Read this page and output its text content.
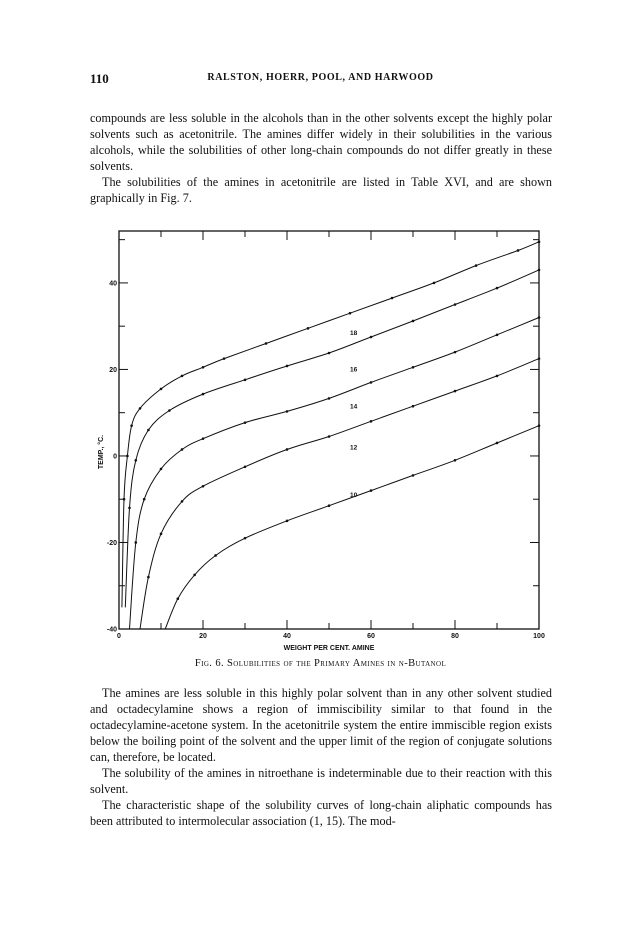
110	RALSTON, HOERR, POOL, AND HARWOOD

compounds are less soluble in the alcohols than in the other solvents except the highly polar solvents such as acetonitrile. The amines differ widely in their solubilities in the various alcohols, while the solubilities of other long-chain compounds do not differ greatly in these solvents.

The solubilities of the amines in acetonitrile are listed in Table XVI, and are shown graphically in Fig. 7.

0	20	40	60	80	100
-40
-20
0
20
40
18
16
14
12
10
WEIGHT PER CENT. AMINE
TEMP., °C.
Fig. 6. Solubilities of the Primary Amines in n-Butanol

The amines are less soluble in this highly polar solvent than in any other solvent studied and octadecylamine shows a region of immiscibility similar to that found in the octadecylamine-acetone system. In the acetonitrile system the entire immiscible region exists below the boiling point of the solvent and the upper limit of the region of conjugate solutions can, therefore, be located.

The solubility of the amines in nitroethane is indeterminable due to their reaction with this solvent.

The characteristic shape of the solubility curves of long-chain aliphatic compounds has been attributed to intermolecular association (1, 15). The mod-
